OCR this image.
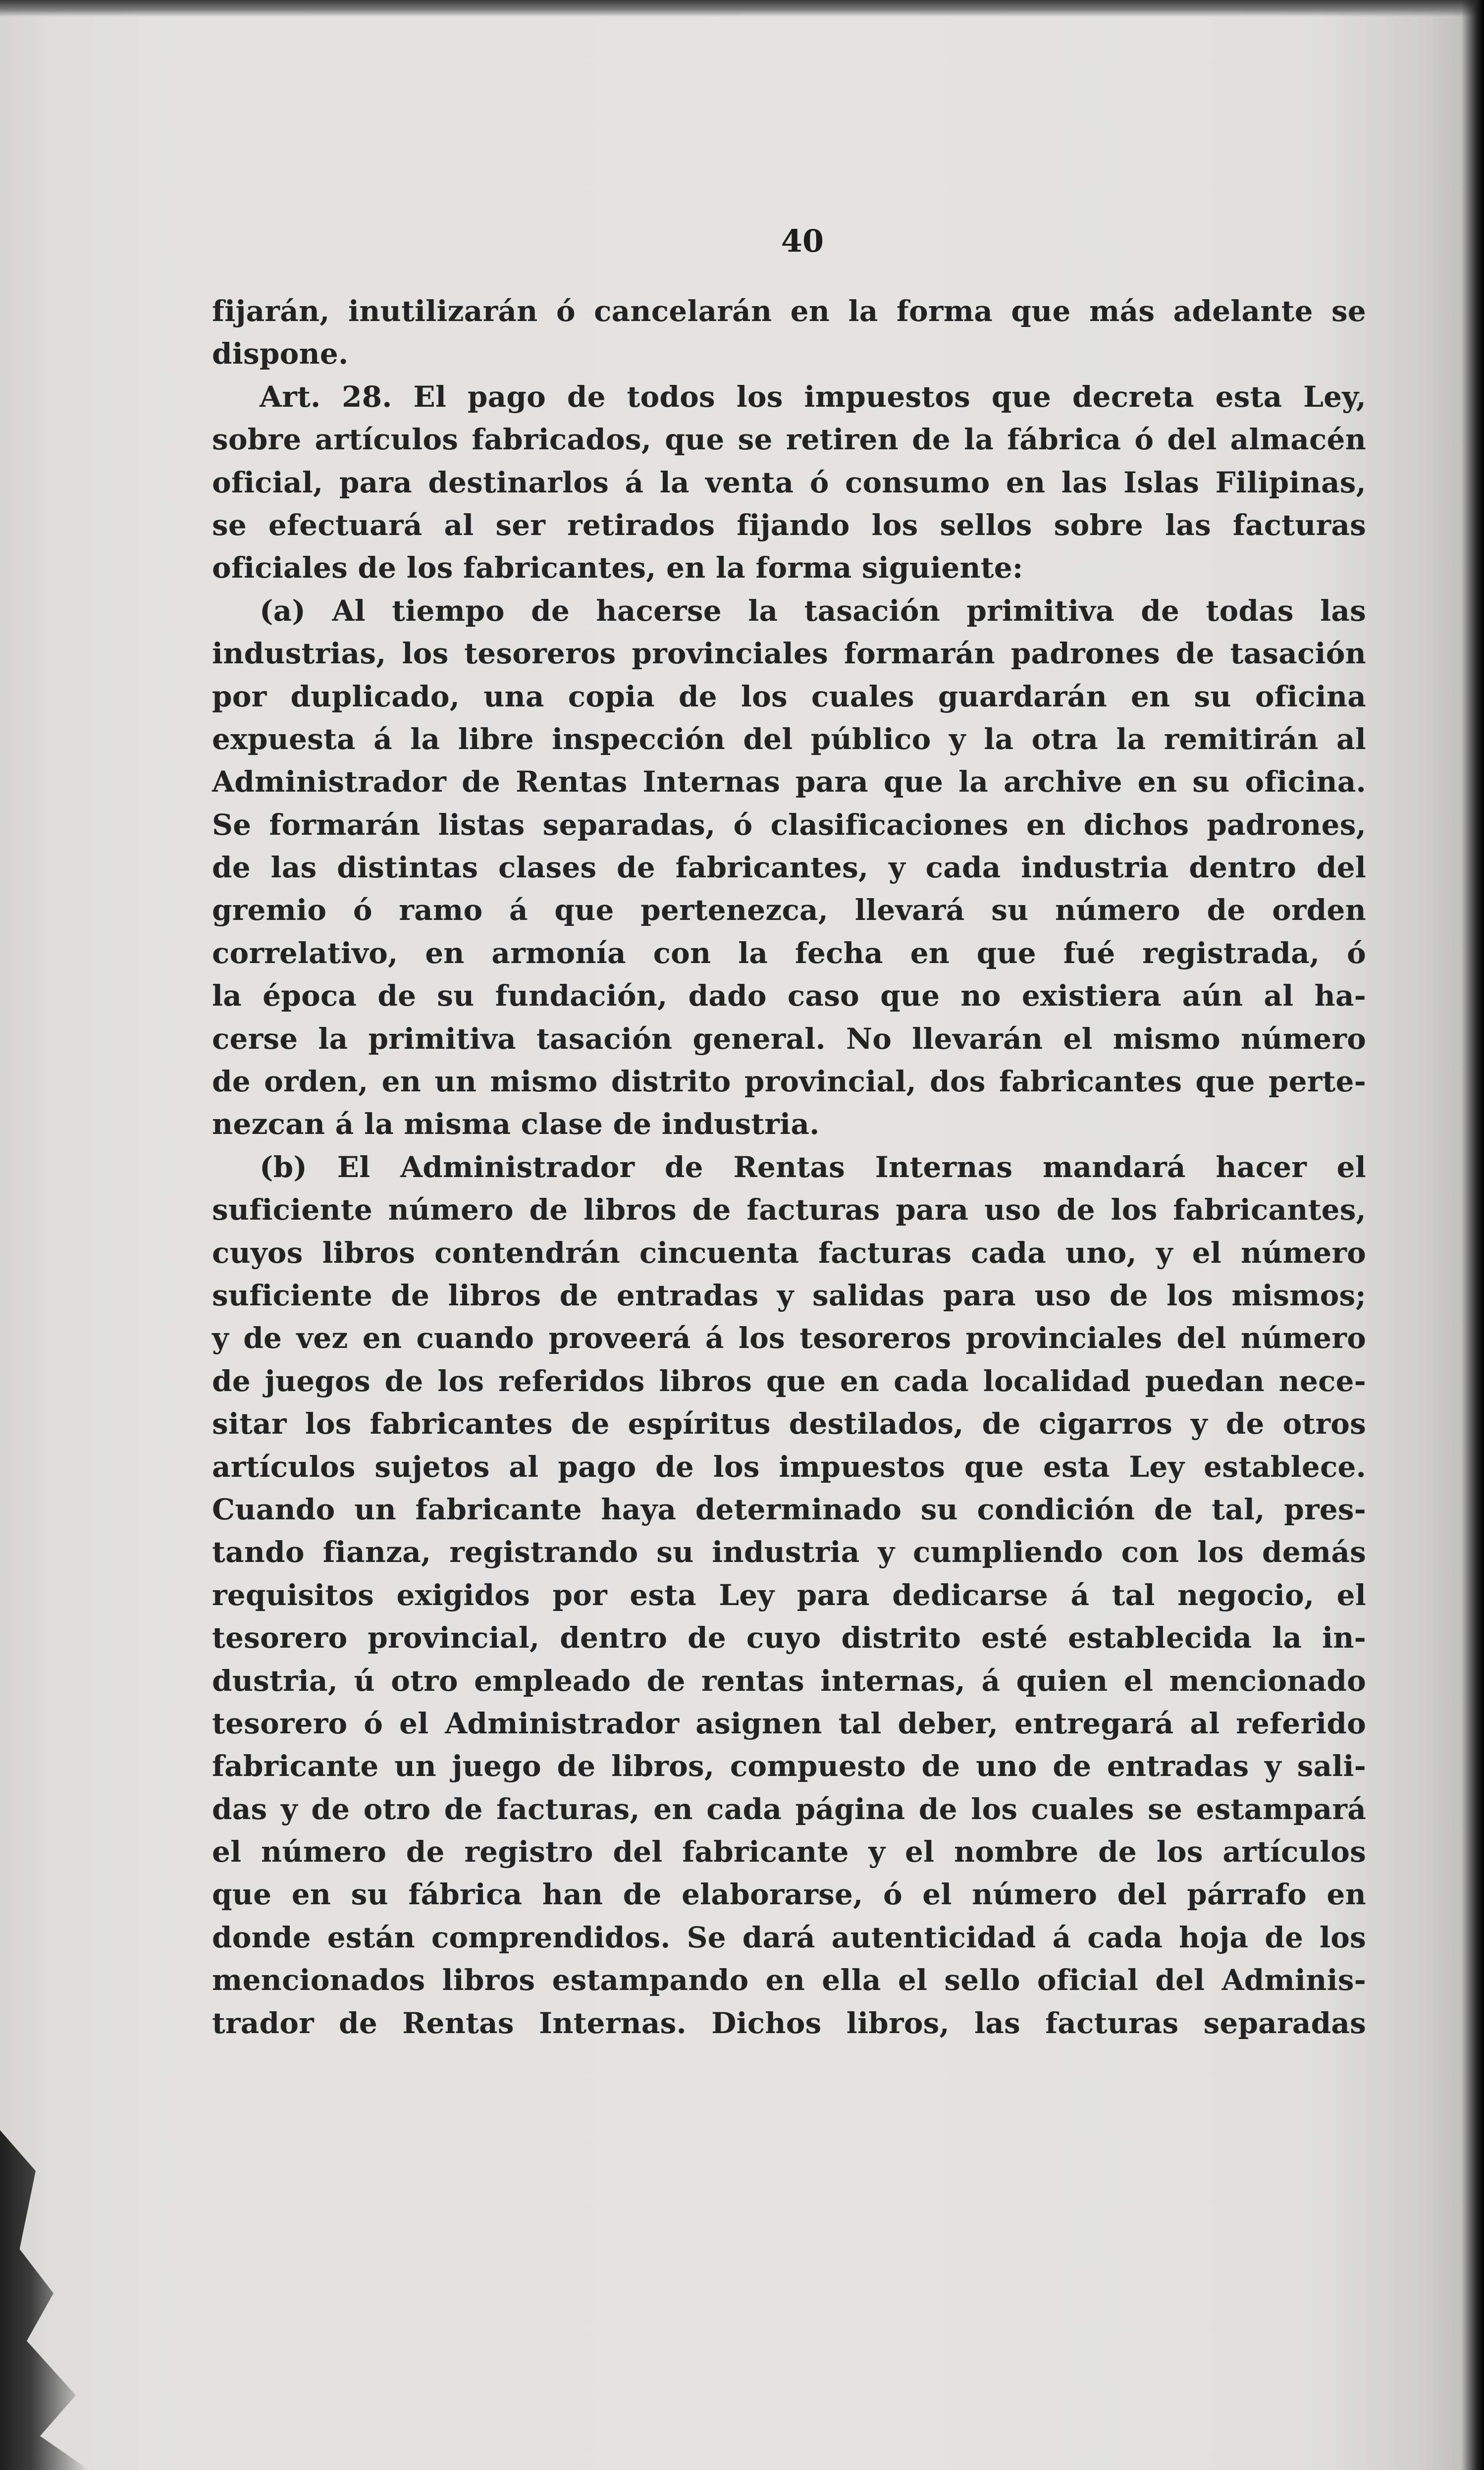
40
fijarán, inutilizarán ó cancelarán en la forma que más adelante se
dispone.
Art. 28. El pago de todos los impuestos que decreta esta Ley,
sobre artículos fabricados, que se retiren de la fábrica ó del almacén
oficial, para destinarlos á la venta ó consumo en las Islas Filipinas,
se efectuará al ser retirados fijando los sellos sobre las facturas
oficiales de los fabricantes, en la forma siguiente:
(a) Al tiempo de hacerse la tasación primitiva de todas las
industrias, los tesoreros provinciales formarán padrones de tasación
por duplicado, una copia de los cuales guardarán en su oficina
expuesta á la libre inspección del público y la otra la remitirán al
Administrador de Rentas Internas para que la archive en su oficina.
Se formarán listas separadas, ó clasificaciones en dichos padrones,
de las distintas clases de fabricantes, y cada industria dentro del
gremio ó ramo á que pertenezca, llevará su número de orden
correlativo, en armonía con la fecha en que fué registrada, ó
la época de su fundación, dado caso que no existiera aún al ha-
cerse la primitiva tasación general. No llevarán el mismo número
de orden, en un mismo distrito provincial, dos fabricantes que perte-
nezcan á la misma clase de industria.
(b) El Administrador de Rentas Internas mandará hacer el
suficiente número de libros de facturas para uso de los fabricantes,
cuyos libros contendrán cincuenta facturas cada uno, y el número
suficiente de libros de entradas y salidas para uso de los mismos;
y de vez en cuando proveerá á los tesoreros provinciales del número
de juegos de los referidos libros que en cada localidad puedan nece-
sitar los fabricantes de espíritus destilados, de cigarros y de otros
artículos sujetos al pago de los impuestos que esta Ley establece.
Cuando un fabricante haya determinado su condición de tal, pres-
tando fianza, registrando su industria y cumpliendo con los demás
requisitos exigidos por esta Ley para dedicarse á tal negocio, el
tesorero provincial, dentro de cuyo distrito esté establecida la in-
dustria, ú otro empleado de rentas internas, á quien el mencionado
tesorero ó el Administrador asignen tal deber, entregará al referido
fabricante un juego de libros, compuesto de uno de entradas y sali-
das y de otro de facturas, en cada página de los cuales se estampará
el número de registro del fabricante y el nombre de los artículos
que en su fábrica han de elaborarse, ó el número del párrafo en
donde están comprendidos. Se dará autenticidad á cada hoja de los
mencionados libros estampando en ella el sello oficial del Adminis-
trador de Rentas Internas. Dichos libros, las facturas separadas
